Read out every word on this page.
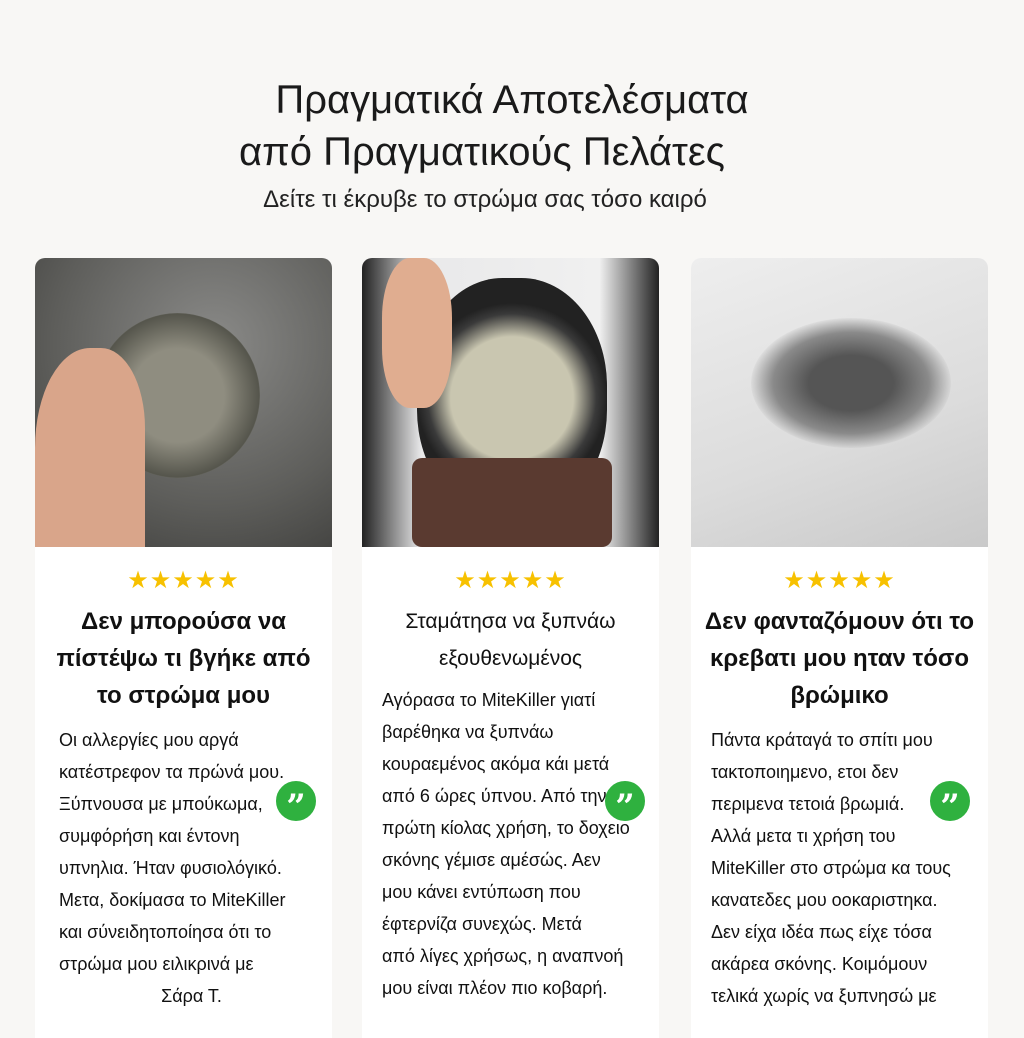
Πραγματικά Αποτελέσματα
από Πραγματικούς Πελάτες
Δείτε τι έκρυβε το στρώμα σας τόσο καιρό
”
★★★★★
Δεν μπορούσα να πίστέψω τι βγήκε από το στρώμα μου
Οι αλλεργίες μου αργά
κατέστρεφον τα πρώνά μου.
Ξύπνουσα με μπούκωμα,
συμφόρήση και έντονη
υπνηλια. Ήταν φυσιολόγικό.
Μετα, δοκίμασα το MiteKiller
και σύνειδητοποίησα ότι το
στρώμα μου ειλικρινά με
Σάρα Τ.
”
★★★★★
Σταμάτησα να ξυπνάω εξουθενωμένος
Αγόρασα το MiteKiller γιατί
βαρέθηκα να ξυπνάω
κουραεμένος ακόμα κάι μετά
από 6 ώρες ύπνου. Από την
πρώτη κίολας χρήση, το δοχειο
σκόνης γέμισε αμέσώς. Αεν
μου κάνει εντύπωση που
έφτερνίζα συνεχώς. Μετά
από λίγες χρήσως, η αναπνοή
μου είναι πλέον πιο κοβαρή.
”
★★★★★
Δεν φανταζόμουν ότι το κρεβατι μου ηταν τόσο βρώμικο
Πάντα κράταγά το σπίτι μου
τακτοποιημενο, ετοι δεν
περιμενα τετοιά βρωμιά.
Αλλά μετα τι χρήση του
MiteKiller στο στρώμα κα τους
κανατεδες μου οοκαριστηκα.
Δεν είχα ιδέα πως είχε τόσα
ακάρεα σκόνης. Κοιμόμουν
τελικά χωρίς να ξυπνησώ με
